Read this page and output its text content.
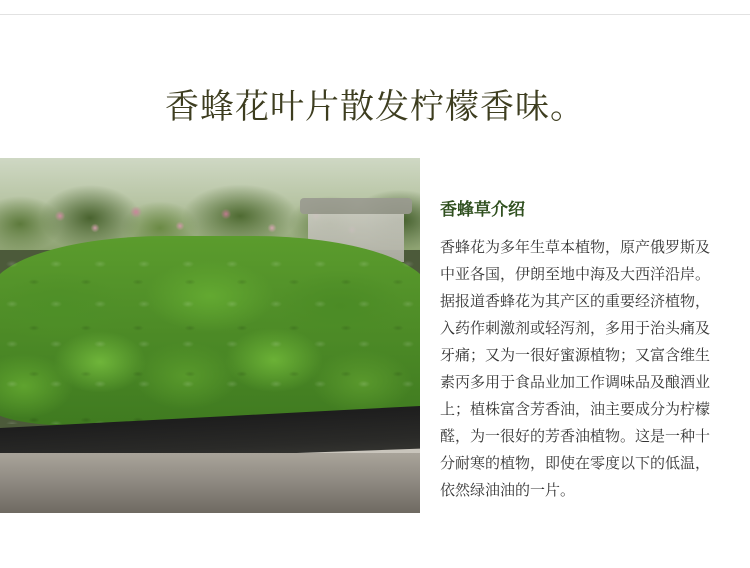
香蜂花叶片散发柠檬香味。
香蜂草介绍

香蜂花为多年生草本植物，原产俄罗斯及中亚各国，伊朗至地中海及大西洋沿岸。据报道香蜂花为其产区的重要经济植物，入药作刺激剂或轻泻剂，多用于治头痛及牙痛；又为一很好蜜源植物；又富含维生素丙多用于食品业加工作调味品及酿酒业上；植株富含芳香油，油主要成分为柠檬醛，为一很好的芳香油植物。这是一种十分耐寒的植物，即使在零度以下的低温，依然绿油油的一片。
